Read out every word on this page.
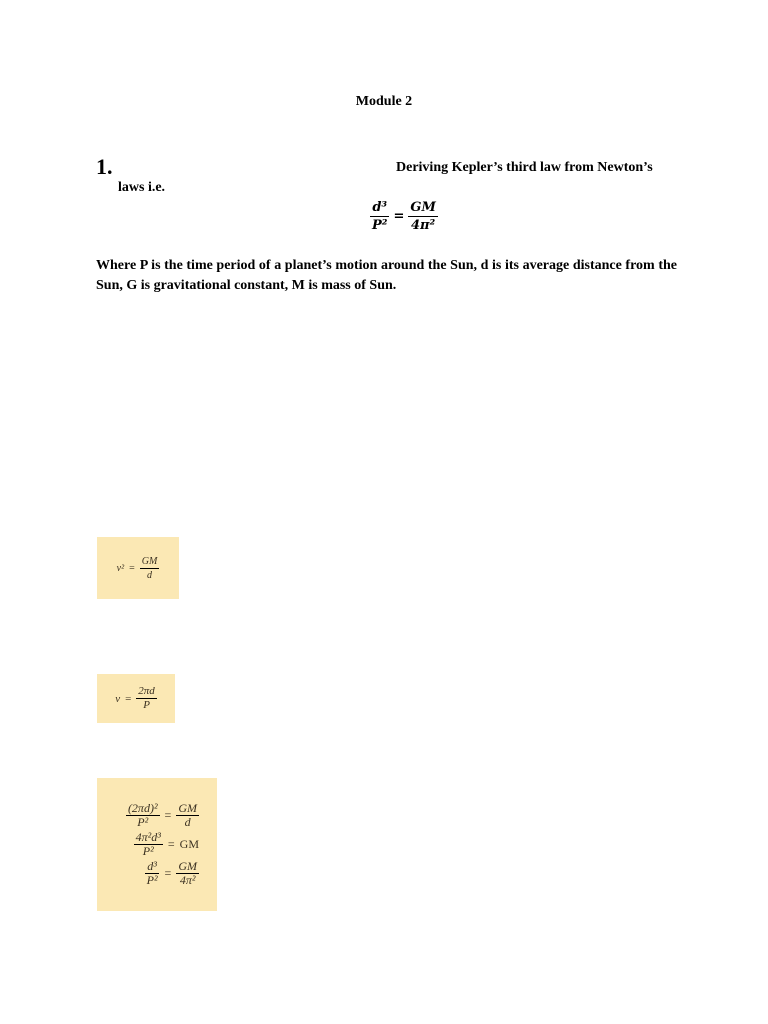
Module 2
1.	Deriving Kepler’s third law from Newton’s
laws i.e.
$\frac{\text{d³}}{\text{P²}} = \frac{GM}{\text{4π²}}$
Where P is the time period of a planet’s motion around the Sun, d is its average distance from the Sun, G is gravitational constant, M is mass of Sun.
$v^2 = \frac{GM}{d}$
$v = \frac{2\pi d}{P}$
$\frac{\text{(2πd)²}}{\text{P²}} = \frac{GM}{d}$
$\frac{\text{4π²d³}}{\text{P²}}$ = GM
$\frac{\text{d³}}{\text{P²}} = \frac{GM}{\text{4π²}}$
